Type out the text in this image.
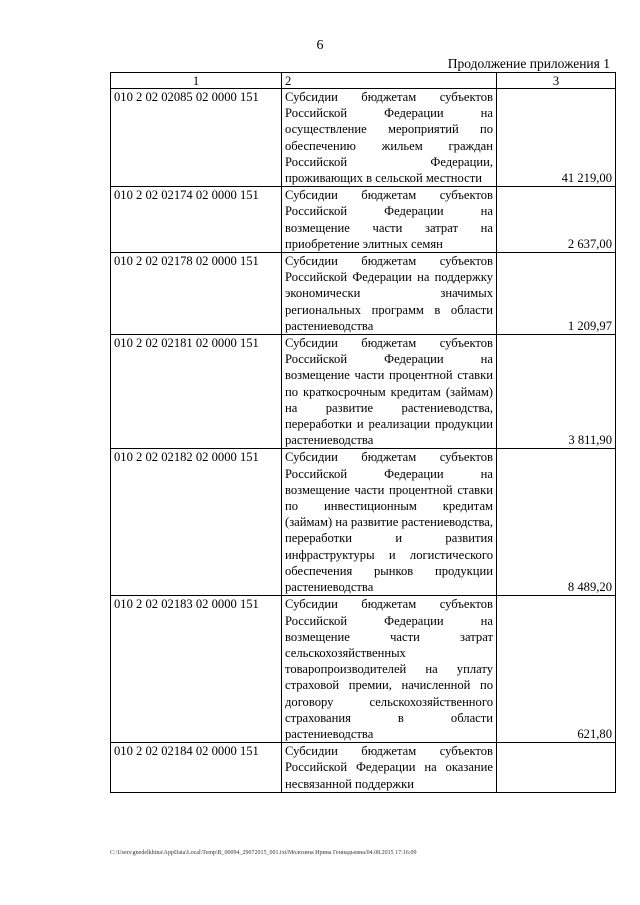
6
Продолжение приложения 1
1	2	3
010 2 02 02085 02 0000 151	Субсидии бюджетам субъектов Российской Федерации на осуществление мероприятий по обеспечению жильем граждан Российской Федерации, проживающих в сельской местности	41 219,00
010 2 02 02174 02 0000 151	Субсидии бюджетам субъектов Российской Федерации на возмещение части затрат на приобретение элитных семян	2 637,00
010 2 02 02178 02 0000 151	Субсидии бюджетам субъектов Российской Федерации на поддержку экономически значимых региональных программ в области растениеводства	1 209,97
010 2 02 02181 02 0000 151	Субсидии бюджетам субъектов Российской Федерации на возмещение части процентной ставки по краткосрочным кредитам (займам) на развитие растениеводства, переработки и реализации продукции растениеводства	3 811,90
010 2 02 02182 02 0000 151	Субсидии бюджетам субъектов Российской Федерации на возмещение части процентной ставки по инвестиционным кредитам (займам) на развитие растениеводства, переработки и развития инфраструктуры и логистического обеспечения рынков продукции растениеводства	8 489,20
010 2 02 02183 02 0000 151	Субсидии бюджетам субъектов Российской Федерации на возмещение части затрат сельскохозяйственных товаропроизводителей на уплату страховой премии, начисленной по договору сельскохозяйственного страхования в области растениеводства	621,80
010 2 02 02184 02 0000 151	Субсидии бюджетам субъектов Российской Федерации на оказание несвязанной поддержки	
C:\Users\gnedelkhina\AppData\Local\Temp\B_00094_29072015_001.txt/Молозина Ирина Геннадьевна/04.08.2015 17:16:09
